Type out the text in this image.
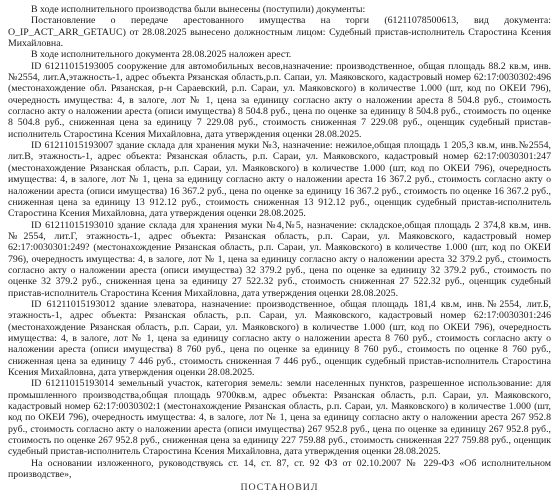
В ходе исполнительного производства были вынесены (поступили) документы:

Постановление о передаче арестованного имущества на торги (61211078500613, вид документа: O_IP_ACT_ARR_GETAUC) от 28.08.2025 вынесено должностным лицом: Судебный пристав-исполнитель Старостина Ксения Михайловна.

В ходе исполнительного документа 28.08.2025 наложен арест.

ID 61211015193005 сооружение для автомобильных весов,назначение: производственное, общая площадь 88.2 кв.м, инв.№2554, лит.А,этажность-1, адрес объекта Рязанская область,р.п. Сапаи, ул. Маяковского, кадастровый номер 62:17:0030302:496 (местонахождение обл. Рязанская, р-н Сараевский, р.п. Сараи, ул. Маяковского) в количестве 1.000 (шт, код по ОКЕИ 796), очередность имущества: 4, в залоге, лот № 1, цена за единицу согласно акту о наложении ареста 8 504.8 руб., стоимость согласно акту о наложении ареста (описи имущества) 8 504.8 руб., цена по оценке за единицу 8 504.8 руб., стоимость по оценке 8 504.8 руб., сниженная цена за единицу 7 229.08 руб., стоимость сниженная 7 229.08 руб., оценщик судебный пристав-исполнитель Старостина Ксения Михайловна, дата утверждения оценки 28.08.2025.

ID 61211015193007 здание склада для хранения муки №3, назначение: нежилое,общая площадь 1 205,3 кв.м, инв.№2554, лит.В, этажность-1, адрес объекта: Рязанская область, р.п. Сараи, ул. Маяковского, кадастровый номер 62:17:0030301:247 (местонахождение Рязанская область, р.п. Сараи, ул. Маяковского) в количестве 1.000 (шт, код по ОКЕИ 796), очередность имущества: 4, в залоге, лот № 1, цена за единицу согласно акту о наложении ареста 16 367.2 руб., стоимость согласно акту о наложении ареста (описи имущества) 16 367.2 руб., цена по оценке за единицу 16 367.2 руб., стоимость по оценке 16 367.2 руб., сниженная цена за единицу 13 912.12 руб., стоимость сниженная 13 912.12 руб., оценщик судебный пристав-исполнитель Старостина Ксения Михайловна, дата утверждения оценки 28.08.2025.

ID 61211015193010 здание склада для хранения муки №4,№5, назначение: складское,общая площадь 2 374,8 кв.м, инв.№2554, лит.Г, этажность-1, адрес объекта: Рязанская область, р.п. Сараи, ул. Маяковского, кадастровый номер 62:17:0030301:249? (местонахождение Рязанская область, р.п. Сараи, ул. Маяковского) в количестве 1.000 (шт, код по ОКЕИ 796), очередность имущества: 4, в залоге, лот № 1, цена за единицу согласно акту о наложении ареста 32 379.2 руб., стоимость согласно акту о наложении ареста (описи имущества) 32 379.2 руб., цена по оценке за единицу 32 379.2 руб., стоимость по оценке 32 379.2 руб., сниженная цена за единицу 27 522.32 руб., стоимость сниженная 27 522.32 руб., оценщик судебный пристав-исполнитель Старостина Ксения Михайловна, дата утверждения оценки 28.08.2025.

ID 61211015193012 здание элеватора, назначение: производственное, общая площадь 181,4 кв.м, инв.№2554, лит.Б, этажность-1, адрес объекта: Рязанская область, р.п. Сараи, ул. Маяковского, кадастровый номер 62:17:0030301:246 (местонахождение Рязанская область, р.п. Сараи, ул. Маяковского) в количестве 1.000 (шт, код по ОКЕИ 796), очередность имущества: 4, в залоге, лот № 1, цена за единицу согласно акту о наложении ареста 8 760 руб., стоимость согласно акту о наложении ареста (описи имущества) 8 760 руб., цена по оценке за единицу 8 760 руб., стоимость по оценке 8 760 руб., сниженная цена за единицу 7 446 руб., стоимость сниженная 7 446 руб., оценщик судебный пристав-исполнитель Старостина Ксения Михайловна, дата утверждения оценки 28.08.2025.

ID 61211015193014 земельный участок, категория земель: земли населенных пунктов, разрешенное использование: для промышленного производства,общая площадь 9700кв.м, адрес объекта: Рязанская область, р.п. Сараи, ул. Маяковского, кадастровый номер 62:17:0030302:1 (местонахождение Рязанская область, р.п. Сараи, ул. Маяковского) в количестве 1.000 (шт, код по ОКЕИ 796), очередность имущества: 4, в залоге, лот № 1, цена за единицу согласно акту о наложении ареста 267 952.8 руб., стоимость согласно акту о наложении ареста (описи имущества) 267 952.8 руб., цена по оценке за единицу 267 952.8 руб., стоимость по оценке 267 952.8 руб., сниженная цена за единицу 227 759.88 руб., стоимость сниженная 227 759.88 руб., оценщик судебный пристав-исполнитель Старостина Ксения Михайловна, дата утверждения оценки 28.08.2025.

На основании изложенного, руководствуясь ст. 14, ст. 87, ст. 92 ФЗ от 02.10.2007 № 229-ФЗ «Об исполнительном производстве»,

ПОСТАНОВИЛ
